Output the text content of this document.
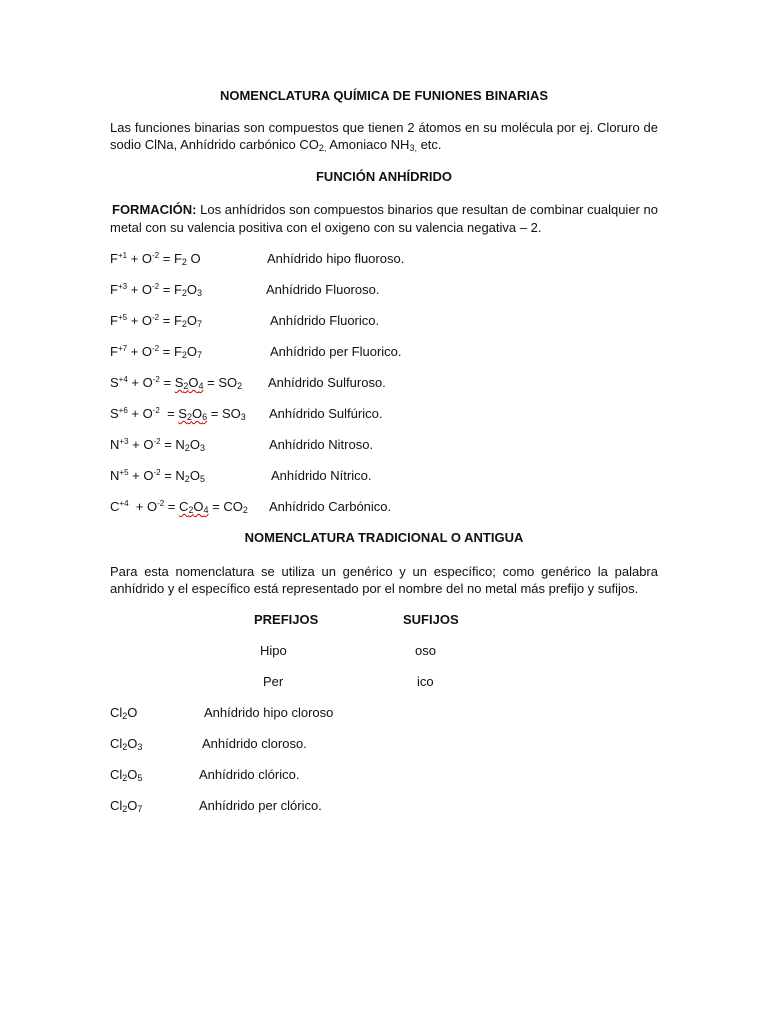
NOMENCLATURA QUÍMICA DE FUNIONES BINARIAS
Las funciones binarias son compuestos que tienen 2 átomos en su molécula por ej. Cloruro de
sodio ClNa, Anhídrido carbónico $CO_{2,}$ Amoniaco $NH_{3,}$ etc.
FUNCIÓN ANHÍDRIDO
FORMACIÓN: Los anhídridos son compuestos binarios que resultan de combinar cualquier no
metal con su valencia positiva con el oxigeno con su valencia negativa – 2.
$F^{+1} + O^{-2} = F_2$ O	Anhídrido hipo fluoroso.
$F^{+3} + O^{-2} = F_2O_3$	Anhídrido Fluoroso.
$F^{+5} + O^{-2} = F_2O_7$	Anhídrido Fluorico.
$F^{+7} + O^{-2} = F_2O_7$	Anhídrido per Fluorico.
$S^{+4} + O^{-2} = S_2O_4 = SO_2$ Anhídrido Sulfuroso.
$S^{+6} + O^{-2} = S_2O_6 = SO_3$ Anhídrido Sulfúrico.
$N^{+3} + O^{-2} = N_2O_3$	Anhídrido Nitroso.
$N^{+5} + O^{-2} = N_2O_5$	Anhídrido Nítrico.
$C^{+4} + O^{-2} = C_2O_4 = CO_2$ Anhídrido Carbónico.
NOMENCLATURA TRADICIONAL O ANTIGUA
Para esta nomenclatura se utiliza un genérico y un específico; como genérico la palabra
anhídrido y el específico está representado por el nombre del no metal más prefijo y sufijos.
PREFIJOS	SUFIJOS
Hipo	oso
Per	ico
$Cl_2O$	Anhídrido hipo cloroso
$Cl_2O_3$	Anhídrido cloroso.
$Cl_2O_5$	Anhídrido clórico.
$Cl_2O_7$	Anhídrido per clórico.
